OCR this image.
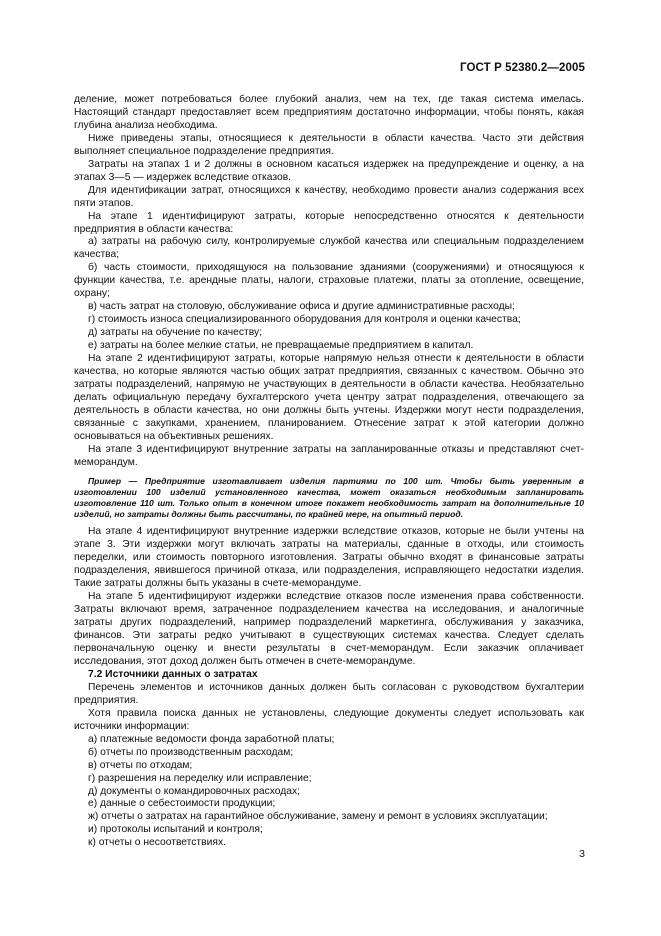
ГОСТ Р 52380.2—2005

деление, может потребоваться более глубокий анализ, чем на тех, где такая система имелась. Настоящий стандарт предоставляет всем предприятиям достаточно информации, чтобы понять, какая глубина анализа необходима.

Ниже приведены этапы, относящиеся к деятельности в области качества. Часто эти действия выполняет специальное подразделение предприятия.

Затраты на этапах 1 и 2 должны в основном касаться издержек на предупреждение и оценку, а на этапах 3—5 — издержек вследствие отказов.

Для идентификации затрат, относящихся к качеству, необходимо провести анализ содержания всех пяти этапов.

На этапе 1 идентифицируют затраты, которые непосредственно относятся к деятельности предприятия в области качества:

а) затраты на рабочую силу, контролируемые службой качества или специальным подразделением качества;

б) часть стоимости, приходящуюся на пользование зданиями (сооружениями) и относящуюся к функции качества, т.е. арендные платы, налоги, страховые платежи, платы за отопление, освещение, охрану;

в) часть затрат на столовую, обслуживание офиса и другие административные расходы;

г) стоимость износа специализированного оборудования для контроля и оценки качества;

д) затраты на обучение по качеству;

е) затраты на более мелкие статьи, не превращаемые предприятием в капитал.

На этапе 2 идентифицируют затраты, которые напрямую нельзя отнести к деятельности в области качества, но которые являются частью общих затрат предприятия, связанных с качеством. Обычно это затраты подразделений, напрямую не участвующих в деятельности в области качества. Необязательно делать официальную передачу бухгалтерского учета центру затрат подразделения, отвечающего за деятельность в области качества, но они должны быть учтены. Издержки могут нести подразделения, связанные с закупками, хранением, планированием. Отнесение затрат к этой категории должно основываться на объективных решениях.

На этапе 3 идентифицируют внутренние затраты на запланированные отказы и представляют счет-меморандум.

Пример — Предприятие изготавливает изделия партиями по 100 шт. Чтобы быть уверенным в изготовлении 100 изделий установленного качества, может оказаться необходимым запланировать изготовление 110 шт. Только опыт в конечном итоге покажет необходимость затрат на дополнительные 10 изделий, но затраты должны быть рассчитаны, по крайней мере, на опытный период.

На этапе 4 идентифицируют внутренние издержки вследствие отказов, которые не были учтены на этапе 3. Эти издержки могут включать затраты на материалы, сданные в отходы, или стоимость переделки, или стоимость повторного изготовления. Затраты обычно входят в финансовые затраты подразделения, явившегося причиной отказа, или подразделения, исправляющего недостатки изделия. Такие затраты должны быть указаны в счете-меморандуме.

На этапе 5 идентифицируют издержки вследствие отказов после изменения права собственности. Затраты включают время, затраченное подразделением качества на исследования, и аналогичные затраты других подразделений, например подразделений маркетинга, обслуживания у заказчика, финансов. Эти затраты редко учитывают в существующих системах качества. Следует сделать первоначальную оценку и внести результаты в счет-меморандум. Если заказчик оплачивает исследования, этот доход должен быть отмечен в счете-меморандуме.

7.2 Источники данных о затратах

Перечень элементов и источников данных должен быть согласован с руководством бухгалтерии предприятия.

Хотя правила поиска данных не установлены, следующие документы следует использовать как источники информации:

а) платежные ведомости фонда заработной платы;

б) отчеты по производственным расходам;

в) отчеты по отходам;

г) разрешения на переделку или исправление;

д) документы о командировочных расходах;

е) данные о себестоимости продукции;

ж) отчеты о затратах на гарантийное обслуживание, замену и ремонт в условиях эксплуатации;

и) протоколы испытаний и контроля;

к) отчеты о несоответствиях.

3
